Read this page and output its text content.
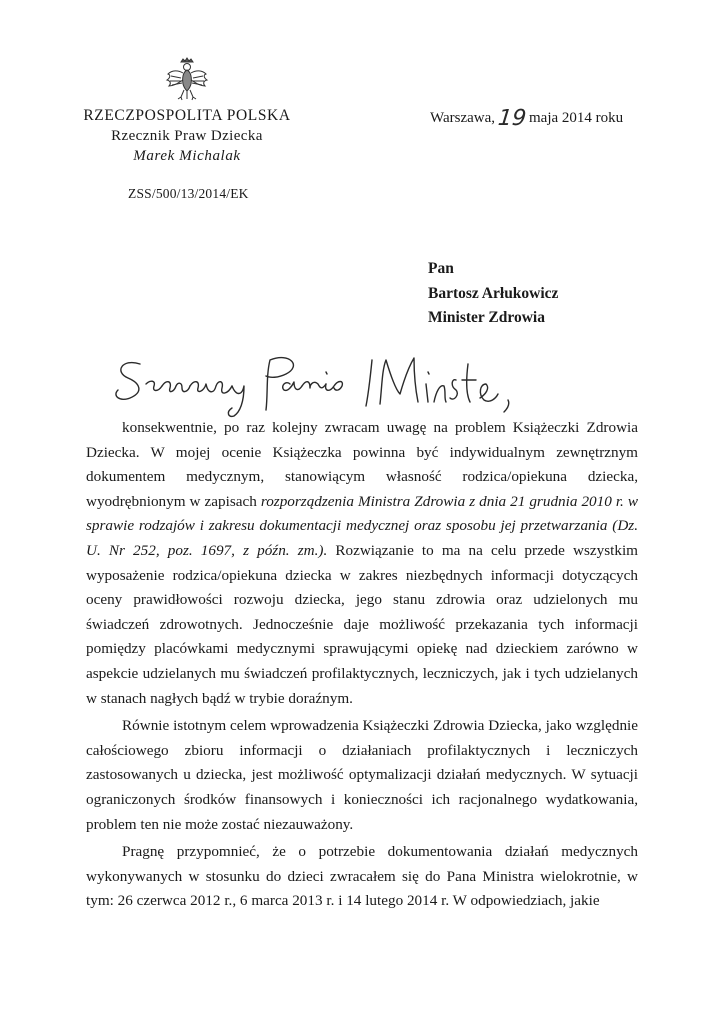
RZECZPOSPOLITA POLSKA
Rzecznik Praw Dziecka
Marek Michalak
Warszawa,19 maja 2014 roku
ZSS/500/13/2014/EK
Pan
Bartosz Arłukowicz
Minister Zdrowia

konsekwentnie, po raz kolejny zwracam uwagę na problem Książeczki Zdrowia Dziecka. W mojej ocenie Książeczka powinna być indywidualnym zewnętrznym dokumentem medycznym, stanowiącym własność rodzica/opiekuna dziecka, wyodrębnionym w zapisach rozporządzenia Ministra Zdrowia z dnia 21 grudnia 2010 r. w sprawie rodzajów i zakresu dokumentacji medycznej oraz sposobu jej przetwarzania (Dz. U. Nr 252, poz. 1697, z późn. zm.). Rozwiązanie to ma na celu przede wszystkim wyposażenie rodzica/opiekuna dziecka w zakres niezbędnych informacji dotyczących oceny prawidłowości rozwoju dziecka, jego stanu zdrowia oraz udzielonych mu świadczeń zdrowotnych. Jednocześnie daje możliwość przekazania tych informacji pomiędzy placówkami medycznymi sprawującymi opiekę nad dzieckiem zarówno w aspekcie udzielanych mu świadczeń profilaktycznych, leczniczych, jak i tych udzielanych w stanach nagłych bądź w trybie doraźnym.

Równie istotnym celem wprowadzenia Książeczki Zdrowia Dziecka, jako względnie całościowego zbioru informacji o działaniach profilaktycznych i leczniczych zastosowanych u dziecka, jest możliwość optymalizacji działań medycznych. W sytuacji ograniczonych środków finansowych i konieczności ich racjonalnego wydatkowania, problem ten nie może zostać niezauważony.

Pragnę przypomnieć, że o potrzebie dokumentowania działań medycznych wykonywanych w stosunku do dzieci zwracałem się do Pana Ministra wielokrotnie, w tym: 26 czerwca 2012 r., 6 marca 2013 r. i 14 lutego 2014 r. W odpowiedziach, jakie
